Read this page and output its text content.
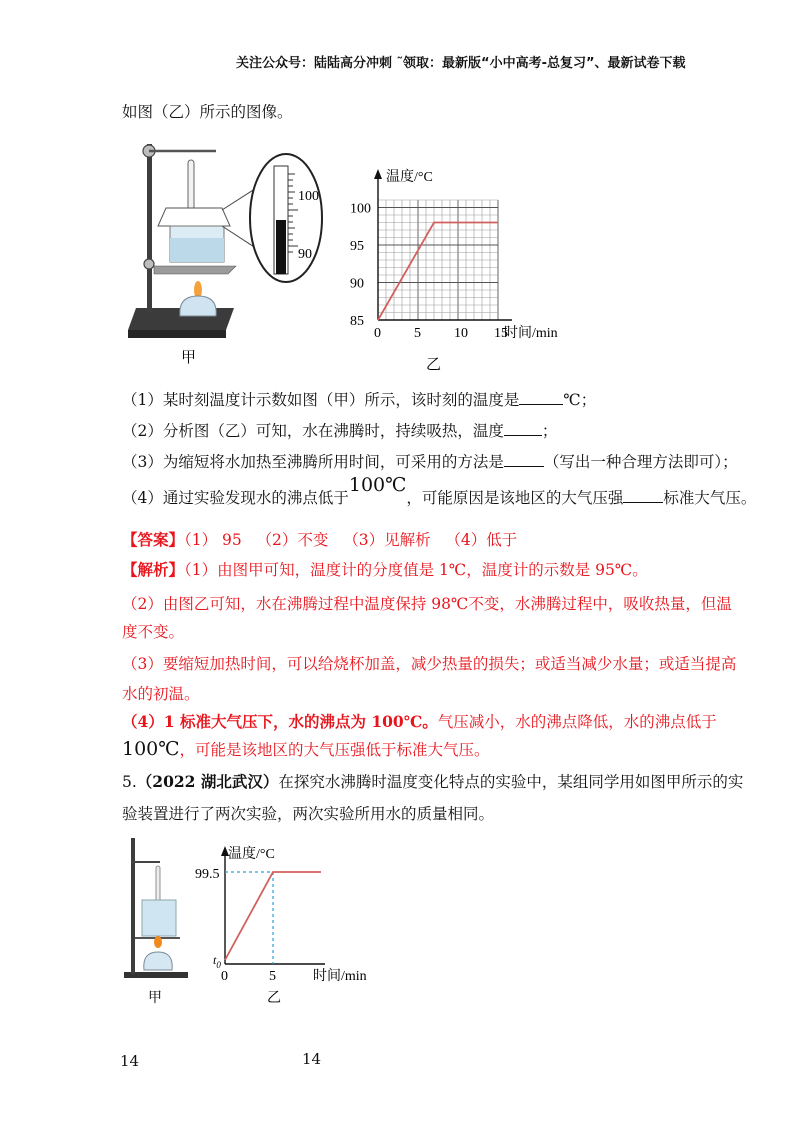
关注公众号：陆陆高分冲刺 ˜领取：最新版“小中高考-总复习”、最新试卷下载
如图（乙）所示的图像。
100
90
甲
0 5 10 15
85
90
95
100
温度/°C
时间/min
乙
（1）某时刻温度计示数如图（甲）所示，该时刻的温度是	℃；
（2）分析图（乙）可知，水在沸腾时，持续吸热，温度 ；
（3）为缩短将水加热至沸腾所用时间，可采用的方法是	（写出一种合理方法即可）；
（4）通过实验发现水的沸点低于100℃，可能原因是该地区的大气压强	标准大气压。
【答案】（1） 95   （2）不变   （3）见解析   （4）低于
【解析】（1）由图甲可知，温度计的分度值是 1℃，温度计的示数是 95℃。
（2）由图乙可知，水在沸腾过程中温度保持 98℃不变，水沸腾过程中，吸收热量，但温
度不变。
（3）要缩短加热时间，可以给烧杯加盖，减少热量的损失；或适当减少水量；或适当提高
水的初温。
（4）1 标准大气压下，水的沸点为 100℃。气压减小，水的沸点降低，水的沸点低于
100℃，可能是该地区的大气压强低于标准大气压。
5.（2022 湖北武汉）在探究水沸腾时温度变化特点的实验中，某组同学用如图甲所示的实
验装置进行了两次实验，两次实验所用水的质量相同。
甲
温度/°C
时间/min
99.5
$t_0$
0	5
乙
14	14
